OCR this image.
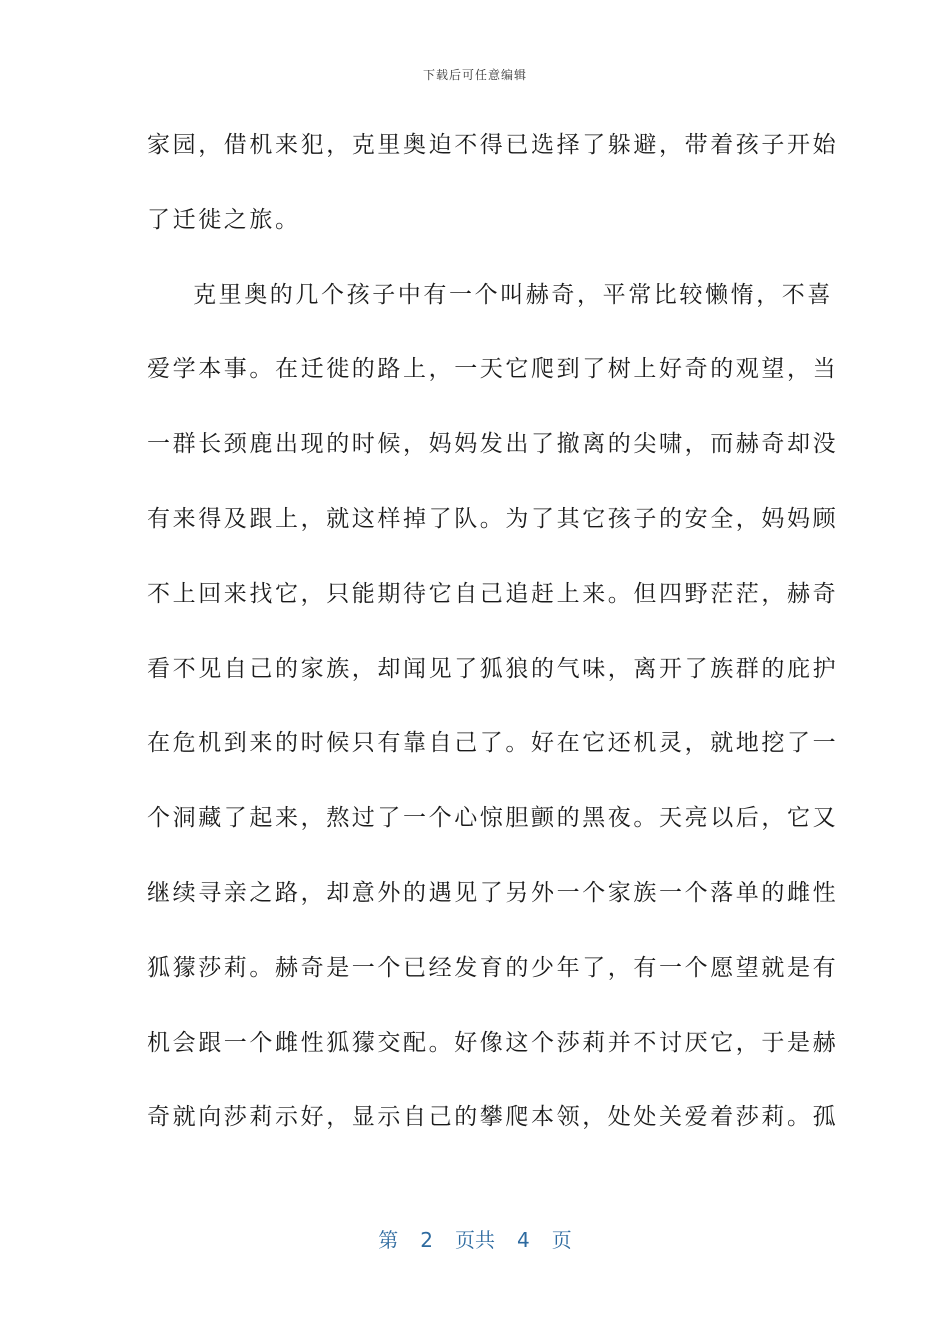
下载后可任意编辑
家园，借机来犯，克里奥迫不得已选择了躲避，带着孩子开始
了迁徙之旅。
克里奥的几个孩子中有一个叫赫奇，平常比较懒惰，不喜
爱学本事。在迁徙的路上，一天它爬到了树上好奇的观望，当
一群长颈鹿出现的时候，妈妈发出了撤离的尖啸，而赫奇却没
有来得及跟上，就这样掉了队。为了其它孩子的安全，妈妈顾
不上回来找它，只能期待它自己追赶上来。但四野茫茫，赫奇
看不见自己的家族，却闻见了狐狼的气味，离开了族群的庇护
在危机到来的时候只有靠自己了。好在它还机灵，就地挖了一
个洞藏了起来，熬过了一个心惊胆颤的黑夜。天亮以后，它又
继续寻亲之路，却意外的遇见了另外一个家族一个落单的雌性
狐獴莎莉。赫奇是一个已经发育的少年了，有一个愿望就是有
机会跟一个雌性狐獴交配。好像这个莎莉并不讨厌它，于是赫
奇就向莎莉示好，显示自己的攀爬本领，处处关爱着莎莉。孤
第 2 页共 4 页
